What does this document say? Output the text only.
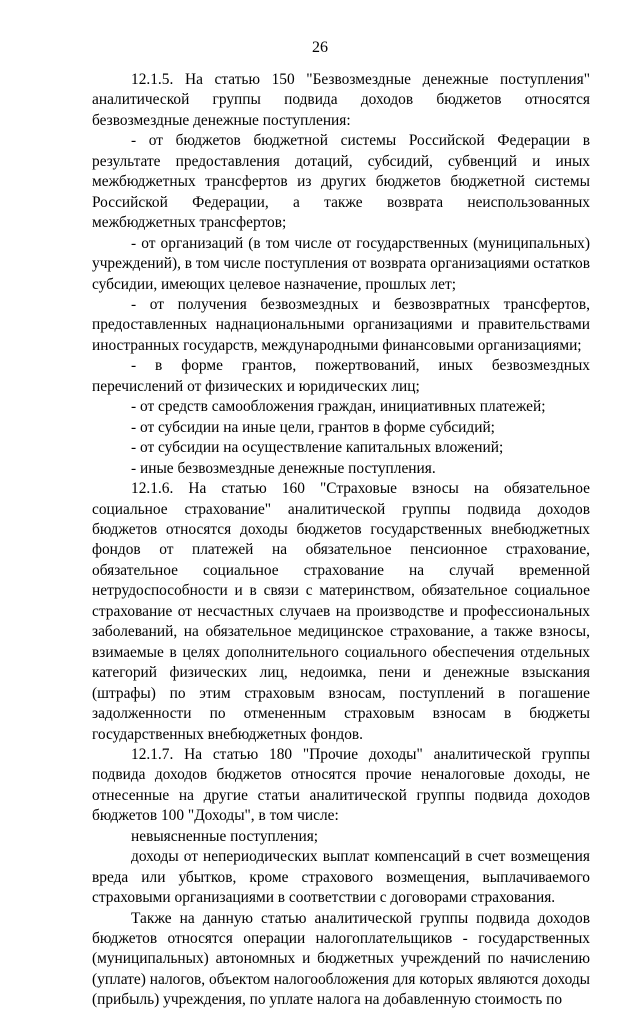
26

12.1.5. На статью 150 "Безвозмездные денежные поступления" аналитической группы подвида доходов бюджетов относятся безвозмездные денежные поступления:

- от бюджетов бюджетной системы Российской Федерации в результате предоставления дотаций, субсидий, субвенций и иных межбюджетных трансфертов из других бюджетов бюджетной системы Российской Федерации, а также возврата неиспользованных межбюджетных трансфертов;

- от организаций (в том числе от государственных (муниципальных) учреждений), в том числе поступления от возврата организациями остатков субсидии, имеющих целевое назначение, прошлых лет;

- от получения безвозмездных и безвозвратных трансфертов, предоставленных наднациональными организациями и правительствами иностранных государств, международными финансовыми организациями;

- в форме грантов, пожертвований, иных безвозмездных перечислений от физических и юридических лиц;

- от средств самообложения граждан, инициативных платежей;

- от субсидии на иные цели, грантов в форме субсидий;

- от субсидии на осуществление капитальных вложений;

- иные безвозмездные денежные поступления.

12.1.6. На статью 160 "Страховые взносы на обязательное социальное страхование" аналитической группы подвида доходов бюджетов относятся доходы бюджетов государственных внебюджетных фондов от платежей на обязательное пенсионное страхование, обязательное социальное страхование на случай временной нетрудоспособности и в связи с материнством, обязательное социальное страхование от несчастных случаев на производстве и профессиональных заболеваний, на обязательное медицинское страхование, а также взносы, взимаемые в целях дополнительного социального обеспечения отдельных категорий физических лиц, недоимка, пени и денежные взыскания (штрафы) по этим страховым взносам, поступлений в погашение задолженности по отмененным страховым взносам в бюджеты государственных внебюджетных фондов.

12.1.7. На статью 180 "Прочие доходы" аналитической группы подвида доходов бюджетов относятся прочие неналоговые доходы, не отнесенные на другие статьи аналитической группы подвида доходов бюджетов 100 "Доходы", в том числе:

невыясненные поступления;

доходы от непериодических выплат компенсаций в счет возмещения вреда или убытков, кроме страхового возмещения, выплачиваемого страховыми организациями в соответствии с договорами страхования.

Также на данную статью аналитической группы подвида доходов бюджетов относятся операции налогоплательщиков - государственных (муниципальных) автономных и бюджетных учреждений по начислению (уплате) налогов, объектом налогообложения для которых являются доходы (прибыль) учреждения, по уплате налога на добавленную стоимость по
